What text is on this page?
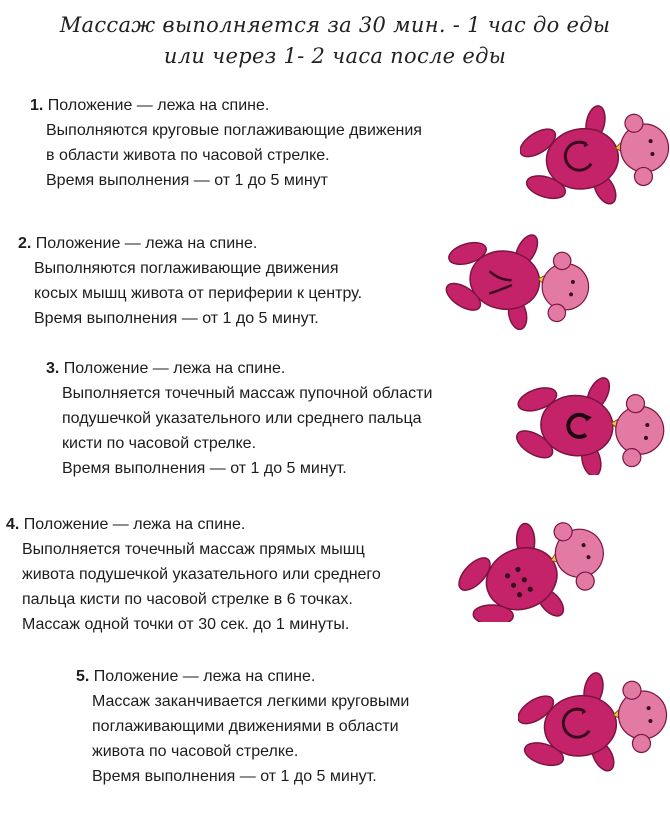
Массаж выполняется за 30 мин. - 1 час до еды
или через 1- 2 часа после еды
1. Положение — лежа на спине.
Выполняются круговые поглаживающие движения
в области живота по часовой стрелке.
Время выполнения — от 1 до 5 минут
2. Положение — лежа на спине.
Выполняются поглаживающие движения
косых мышц живота от периферии к центру.
Время выполнения — от 1 до 5 минут.
3. Положение — лежа на спине.
Выполняется точечный массаж пупочной области
подушечкой указательного или среднего пальца
кисти по часовой стрелке.
Время выполнения — от 1 до 5 минут.
4. Положение — лежа на спине.
Выполняется точечный массаж прямых мышц
живота подушечкой указательного или среднего
пальца кисти по часовой стрелке в 6 точках.
Массаж одной точки от 30 сек. до 1 минуты.
5. Положение — лежа на спине.
Массаж заканчивается легкими круговыми
поглаживающими движениями в области
живота по часовой стрелке.
Время выполнения — от 1 до 5 минут.
